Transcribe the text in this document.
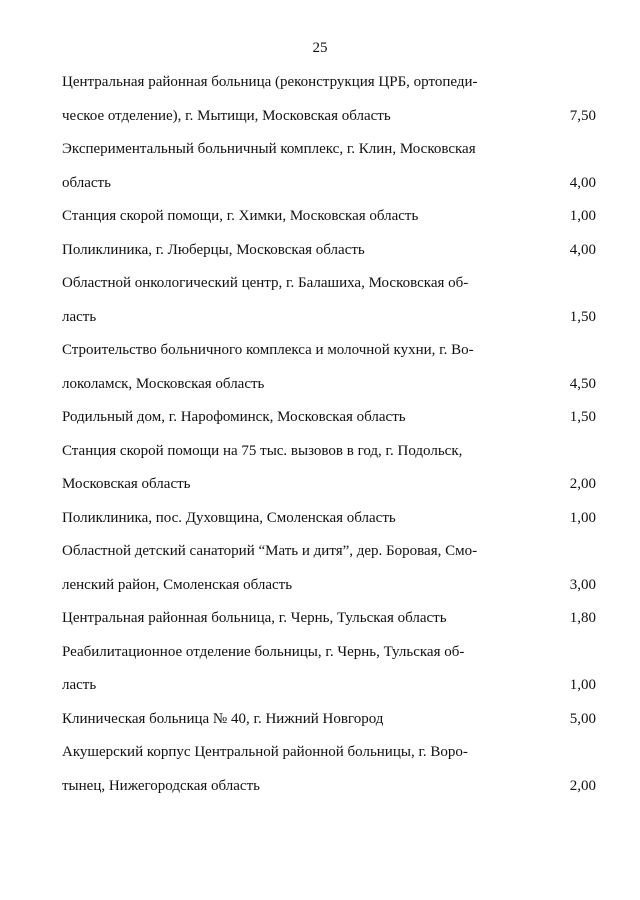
25
Центральная районная больница (реконструкция ЦРБ, ортопеди-
ческое отделение), г. Мытищи, Московская область	7,50
Экспериментальный больничный комплекс, г. Клин, Московская
область	4,00
Станция скорой помощи, г. Химки, Московская область	1,00
Поликлиника, г. Люберцы, Московская область	4,00
Областной онкологический центр, г. Балашиха, Московская об-
ласть	1,50
Строительство больничного комплекса и молочной кухни, г. Во-
локоламск, Московская область	4,50
Родильный дом, г. Нарофоминск, Московская область	1,50
Станция скорой помощи на 75 тыс. вызовов в год, г. Подольск,
Московская область	2,00
Поликлиника, пос. Духовщина, Смоленская область	1,00
Областной детский санаторий “Мать и дитя”, дер. Боровая, Смо-
ленский район, Смоленская область	3,00
Центральная районная больница, г. Чернь, Тульская область	1,80
Реабилитационное отделение больницы, г. Чернь, Тульская об-
ласть	1,00
Клиническая больница № 40, г. Нижний Новгород	5,00
Акушерский корпус Центральной районной больницы, г. Воро-
тынец, Нижегородская область	2,00
